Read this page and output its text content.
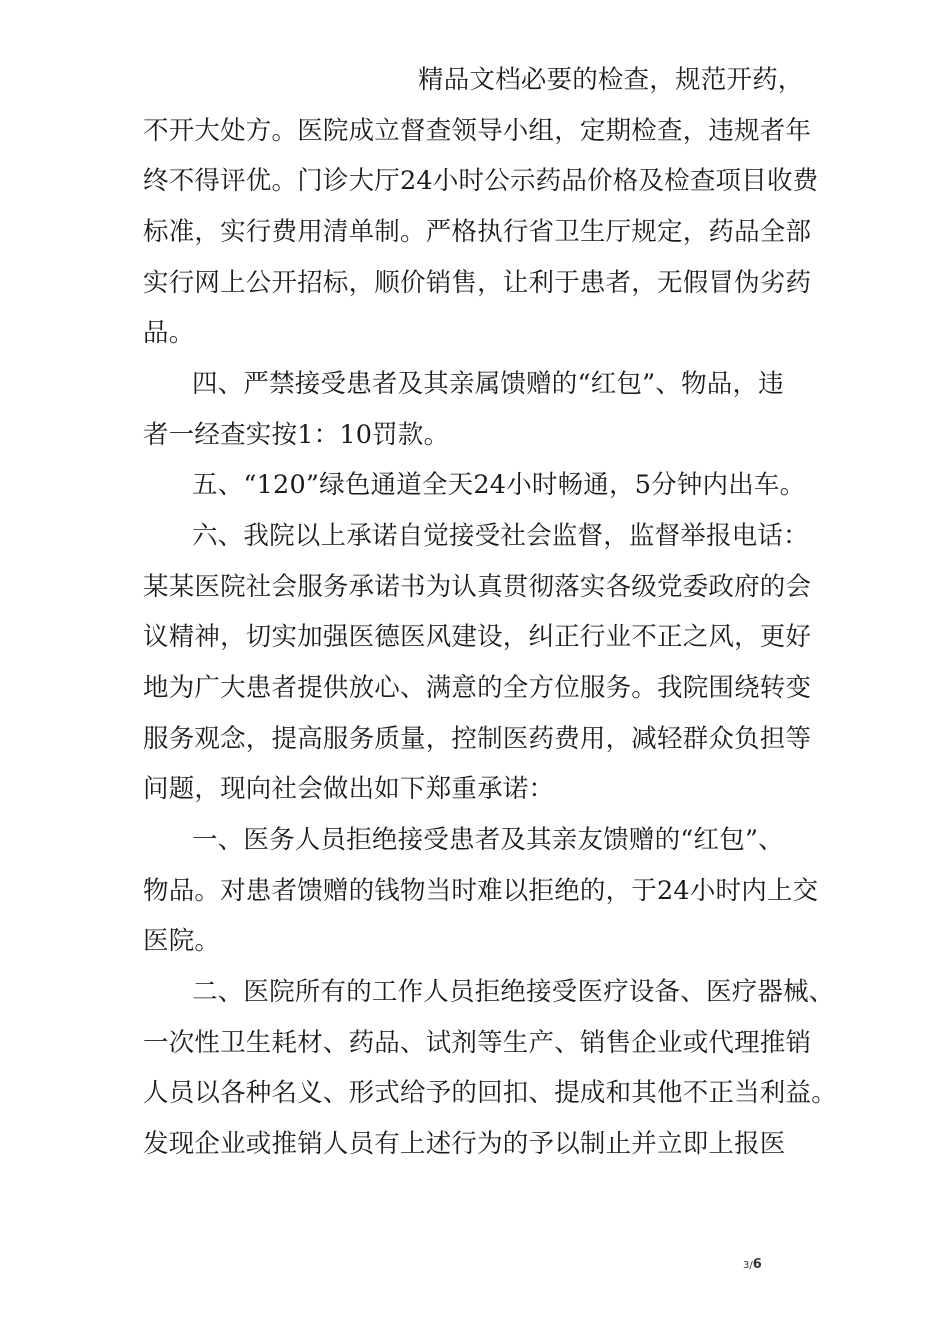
精品文档必要的检查，规范开药，
不开大处方。医院成立督查领导小组，定期检查，违规者年
终不得评优。门诊大厅24小时公示药品价格及检查项目收费
标准，实行费用清单制。严格执行省卫生厅规定，药品全部
实行网上公开招标，顺价销售，让利于患者，无假冒伪劣药
品。
四、严禁接受患者及其亲属馈赠的“红包”、物品，违
者一经查实按1：10罚款。
五、“120”绿色通道全天24小时畅通，5分钟内出车。
六、我院以上承诺自觉接受社会监督，监督举报电话：
某某医院社会服务承诺书为认真贯彻落实各级党委政府的会
议精神，切实加强医德医风建设，纠正行业不正之风，更好
地为广大患者提供放心、满意的全方位服务。我院围绕转变
服务观念，提高服务质量，控制医药费用，减轻群众负担等
问题，现向社会做出如下郑重承诺：
一、医务人员拒绝接受患者及其亲友馈赠的“红包”、
物品。对患者馈赠的钱物当时难以拒绝的，于24小时内上交
医院。
二、医院所有的工作人员拒绝接受医疗设备、医疗器械、
一次性卫生耗材、药品、试剂等生产、销售企业或代理推销
人员以各种名义、形式给予的回扣、提成和其他不正当利益。
发现企业或推销人员有上述行为的予以制止并立即上报医
3/6
